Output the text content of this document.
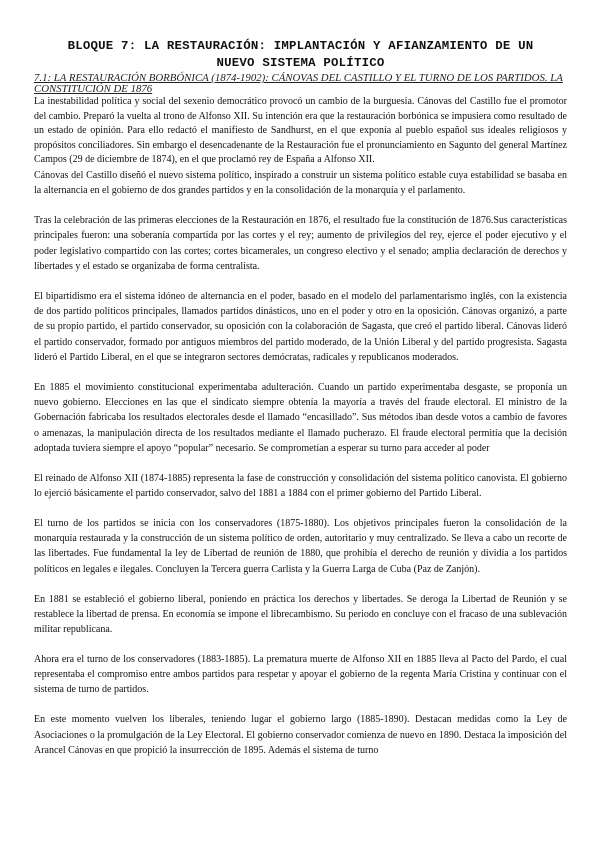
BLOQUE 7: LA RESTAURACIÓN: IMPLANTACIÓN Y AFIANZAMIENTO DE UN
NUEVO SISTEMA POLÍTICO
7.1: LA RESTAURACIÓN BORBÓNICA (1874-1902): CÁNOVAS DEL CASTILLO Y EL TURNO DE LOS PARTIDOS. LA CONSTITUCIÓN DE 1876

La inestabilidad política y social del sexenio democrático provocó un cambio de la burguesía. Cánovas del Castillo fue el promotor del cambio. Preparó la vuelta al trono de Alfonso XII. Su intención era que la restauración borbónica se impusiera como resultado de un estado de opinión. Para ello redactó el manifiesto de Sandhurst, en el que exponía al pueblo español sus ideales religiosos y propósitos conciliadores. Sin embargo el desencadenante de la Restauración fue el pronunciamiento en Sagunto del general Martínez Campos (29 de diciembre de 1874), en el que proclamó rey de España a Alfonso XII.

Cánovas del Castillo diseñó el nuevo sistema político, inspirado a construir un sistema político estable cuya estabilidad se basaba en la alternancia en el gobierno de dos grandes partidos y en la consolidación de la monarquía y el parlamento.

Tras la celebración de las primeras elecciones de la Restauración en 1876, el resultado fue la constitución de 1876.Sus características principales fueron: una soberanía compartida por las cortes y el rey; aumento de privilegios del rey, ejerce el poder ejecutivo y el poder legislativo compartido con las cortes; cortes bicamerales, un congreso electivo y el senado; amplia declaración de derechos y libertades y el estado se organizaba de forma centralista.

El bipartidismo era el sistema idóneo de alternancia en el poder, basado en el modelo del parlamentarismo inglés, con la existencia de dos partido políticos principales, llamados partidos dinásticos, uno en el poder y otro en la oposición. Cánovas organizó, a parte de su propio partido, el partido conservador, su oposición con la colaboración de Sagasta, que creó el partido liberal. Cánovas lideró el partido conservador, formado por antiguos miembros del partido moderado, de la Unión Liberal y del partido progresista. Sagasta lideró el Partido Liberal, en el que se integraron sectores demócratas, radicales y republicanos moderados.

En 1885 el movimiento constitucional experimentaba adulteración. Cuando un partido experimentaba desgaste, se proponía un nuevo gobierno. Elecciones en las que el sindicato siempre obtenía la mayoría a través del fraude electoral. El ministro de la Gobernación fabricaba los resultados electorales desde el llamado “encasillado”. Sus métodos iban desde votos a cambio de favores o amenazas, la manipulación directa de los resultados mediante el llamado pucherazo. El fraude electoral permitía que la decisión adoptada tuviera siempre el apoyo “popular” necesario. Se comprometían a esperar su turno para acceder al poder

El reinado de Alfonso XII (1874-1885) representa la fase de construcción y consolidación del sistema político canovista. El gobierno lo ejerció básicamente el partido conservador, salvo del 1881 a 1884 con el primer gobierno del Partido Liberal.

El turno de los partidos se inicia con los conservadores (1875-1880). Los objetivos principales fueron la consolidación de la monarquía restaurada y la construcción de un sistema político de orden, autoritario y muy centralizado. Se lleva a cabo un recorte de las libertades. Fue fundamental la ley de Libertad de reunión de 1880, que prohibía el derecho de reunión y dividía a los partidos políticos en legales e ilegales. Concluyen la Tercera guerra Carlista y la Guerra Larga de Cuba (Paz de Zanjón).

En 1881 se estableció el gobierno liberal, poniendo en práctica los derechos y libertades. Se deroga la Libertad de Reunión y se restablece la libertad de prensa. En economía se impone el librecambismo. Su periodo en concluye con el fracaso de una sublevación militar republicana.

Ahora era el turno de los conservadores (1883-1885). La prematura muerte de Alfonso XII en 1885 lleva al Pacto del Pardo, el cual representaba el compromiso entre ambos partidos para respetar y apoyar el gobierno de la regenta María Cristina y continuar con el sistema de turno de partidos.

En este momento vuelven los liberales, teniendo lugar el gobierno largo (1885-1890). Destacan medidas como la Ley de Asociaciones o la promulgación de la Ley Electoral. El gobierno conservador comienza de nuevo en 1890. Destaca la imposición del Arancel Cánovas en que propició la insurrección de 1895. Además el sistema de turno
